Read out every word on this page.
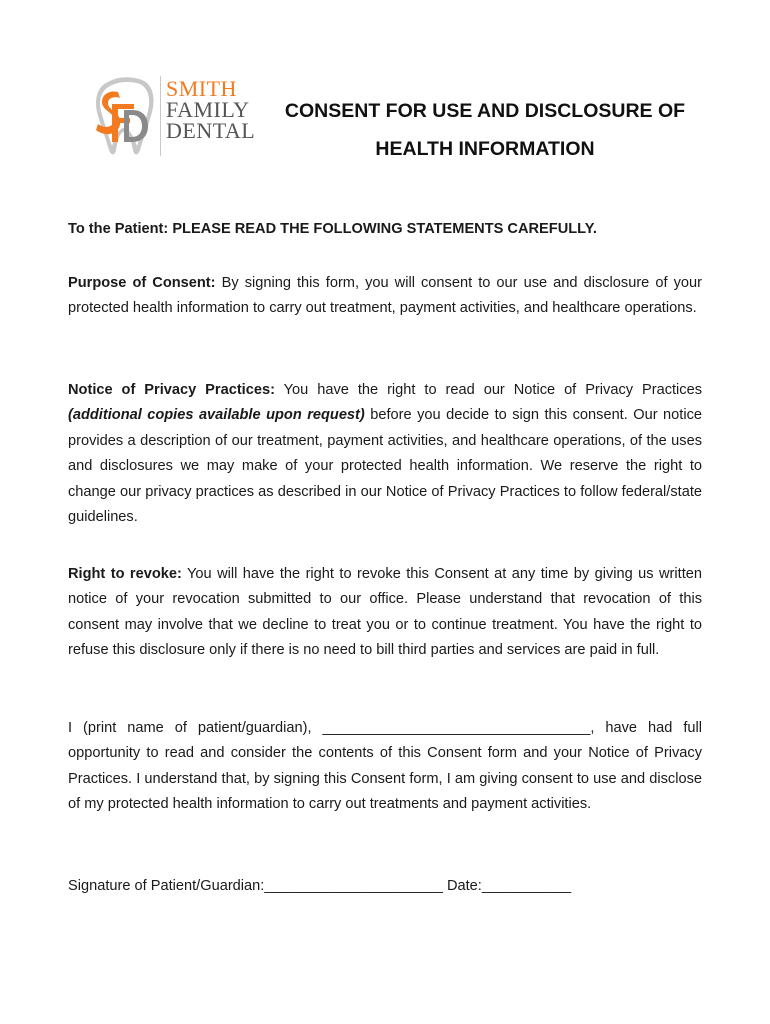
SMITH
FAMILY
DENTAL
CONSENT FOR USE AND DISCLOSURE OF
HEALTH INFORMATION
To the Patient: PLEASE READ THE FOLLOWING STATEMENTS CAREFULLY.
Purpose of Consent: By signing this form, you will consent to our use and disclosure of your protected health information to carry out treatment, payment activities, and healthcare operations.
Notice of Privacy Practices: You have the right to read our Notice of Privacy Practices (additional copies available upon request) before you decide to sign this consent. Our notice provides a description of our treatment, payment activities, and healthcare operations, of the uses and disclosures we may make of your protected health information. We reserve the right to change our privacy practices as described in our Notice of Privacy Practices to follow federal/state guidelines.
Right to revoke: You will have the right to revoke this Consent at any time by giving us written notice of your revocation submitted to our office. Please understand that revocation of this consent may involve that we decline to treat you or to continue treatment. You have the right to refuse this disclosure only if there is no need to bill third parties and services are paid in full.
I (print name of patient/guardian), _________________________________, have had full opportunity to read and consider the contents of this Consent form and your Notice of Privacy Practices. I understand that, by signing this Consent form, I am giving consent to use and disclose of my protected health information to carry out treatments and payment activities.
Signature of Patient/Guardian:______________________ Date:___________
